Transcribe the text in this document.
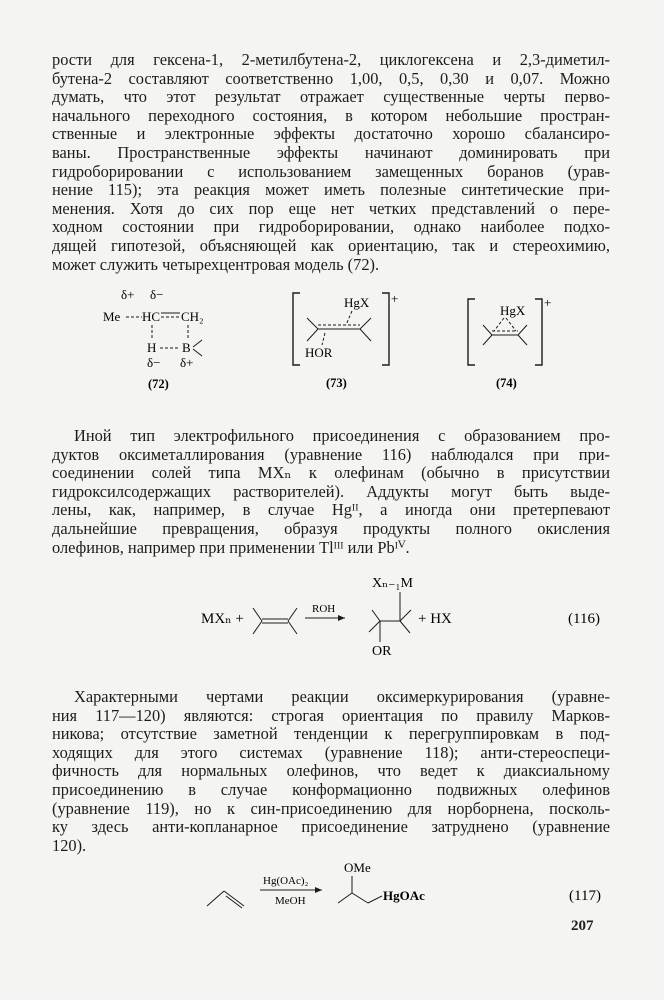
рости для гексена-1, 2-метилбутена-2, циклогексена и 2,3-диметил-
бутена-2 составляют соответственно 1,00, 0,5, 0,30 и 0,07. Можно
думать, что этот результат отражает существенные черты перво-
начального переходного состояния, в котором небольшие простран-
ственные и электронные эффекты достаточно хорошо сбалансиро-
ваны. Пространственные эффекты начинают доминировать при
гидроборировании с использованием замещенных боранов (урав-
нение 115); эта реакция может иметь полезные синтетические при-
менения. Хотя до сих пор еще нет четких представлений о пере-
ходном состоянии при гидроборировании, однако наиболее подхо-
дящей гипотезой, объясняющей как ориентацию, так и стереохимию,
может служить четырехцентровая модель (72).
δ+ δ−
Me HC CH₂
H B
δ− δ+
(72)
+
HgX
HOR
(73)
+
HgX
(74)
Иной тип электрофильного присоединения с образованием про-
дуктов оксиметаллирования (уравнение 116) наблюдался при при-
соединении солей типа MXₙ к олефинам (обычно в присутствии
гидроксилсодержащих растворителей). Аддукты могут быть выде-
лены, как, например, в случае Hgᴵᴵ, а иногда они претерпевают
дальнейшие превращения, образуя продукты полного окисления
олефинов, например при применении Tlᴵᴵᴵ или Pbᴵⱽ.
MXₙ +
ROH
Xₙ₋₁M
OR
+ HX	(116)
Характерными чертами реакции оксимеркурирования (уравне-
ния 117—120) являются: строгая ориентация по правилу Марков-
никова; отсутствие заметной тенденции к перегруппировкам в под-
ходящих для этого системах (уравнение 118); анти-стереоспеци-
фичность для нормальных олефинов, что ведет к диаксиальному
присоединению в случае конформационно подвижных олефинов
(уравнение 119), но к син-присоединению для норборнена, посколь-
ку здесь анти-копланарное присоединение затруднено (уравнение
120).
Hg(OAc)₂
MeOH
OMe
HgOAc	(117)
207
